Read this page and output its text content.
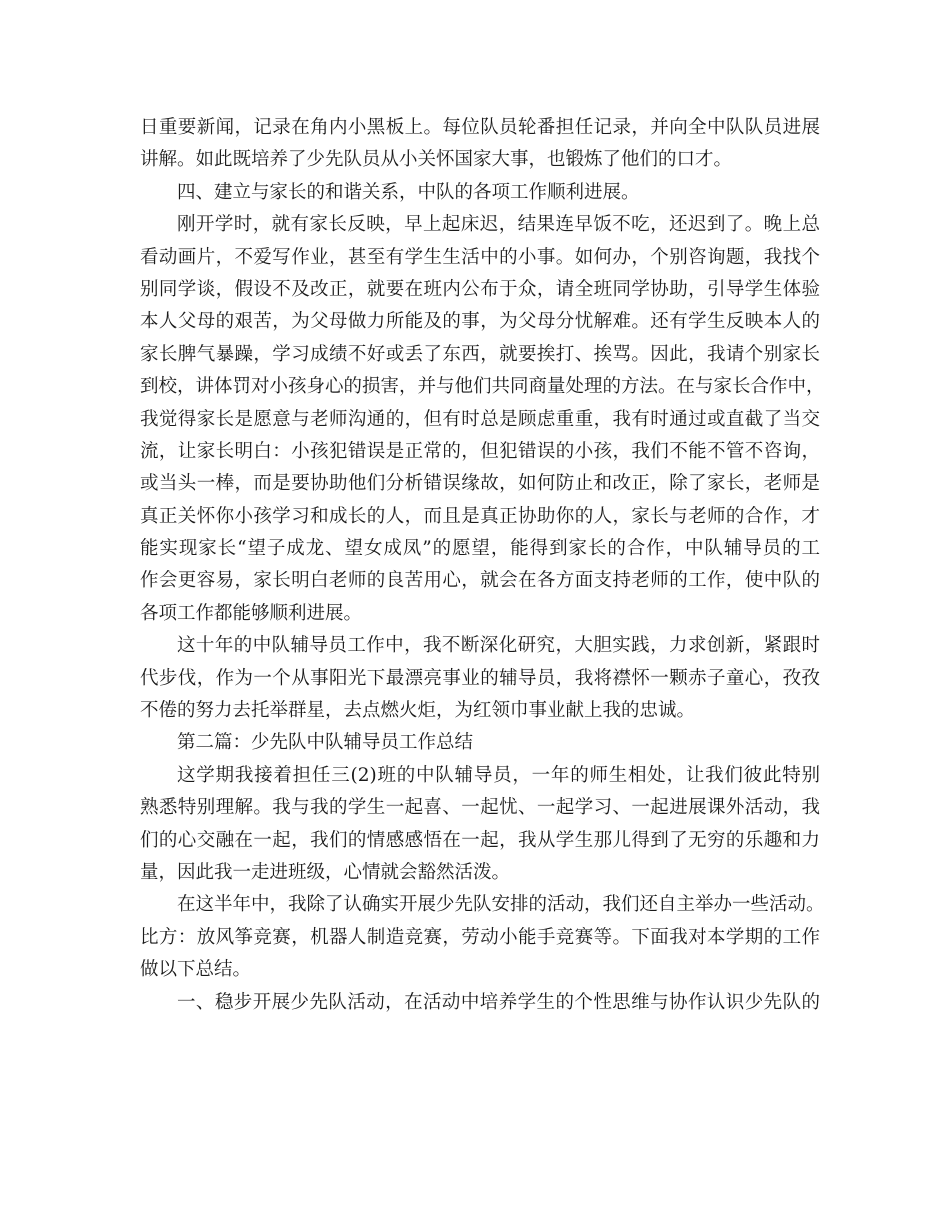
日重要新闻，记录在角内小黑板上。每位队员轮番担任记录，并向全中队队员进展
讲解。如此既培养了少先队员从小关怀国家大事，也锻炼了他们的口才。
四、建立与家长的和谐关系，中队的各项工作顺利进展。
刚开学时，就有家长反映，早上起床迟，结果连早饭不吃，还迟到了。晚上总
看动画片，不爱写作业，甚至有学生生活中的小事。如何办，个别咨询题，我找个
别同学谈，假设不及改正，就要在班内公布于众，请全班同学协助，引导学生体验
本人父母的艰苦，为父母做力所能及的事，为父母分忧解难。还有学生反映本人的
家长脾气暴躁，学习成绩不好或丢了东西，就要挨打、挨骂。因此，我请个别家长
到校，讲体罚对小孩身心的损害，并与他们共同商量处理的方法。在与家长合作中，
我觉得家长是愿意与老师沟通的，但有时总是顾虑重重，我有时通过或直截了当交
流，让家长明白：小孩犯错误是正常的，但犯错误的小孩，我们不能不管不咨询，
或当头一棒，而是要协助他们分析错误缘故，如何防止和改正，除了家长，老师是
真正关怀你小孩学习和成长的人，而且是真正协助你的人，家长与老师的合作，才
能实现家长“望子成龙、望女成凤”的愿望，能得到家长的合作，中队辅导员的工
作会更容易，家长明白老师的良苦用心，就会在各方面支持老师的工作，使中队的
各项工作都能够顺利进展。
这十年的中队辅导员工作中，我不断深化研究，大胆实践，力求创新，紧跟时
代步伐，作为一个从事阳光下最漂亮事业的辅导员，我将襟怀一颗赤子童心，孜孜
不倦的努力去托举群星，去点燃火炬，为红领巾事业献上我的忠诚。
第二篇：少先队中队辅导员工作总结
这学期我接着担任三(2)班的中队辅导员，一年的师生相处，让我们彼此特别
熟悉特别理解。我与我的学生一起喜、一起忧、一起学习、一起进展课外活动，我
们的心交融在一起，我们的情感感悟在一起，我从学生那儿得到了无穷的乐趣和力
量，因此我一走进班级，心情就会豁然活泼。
在这半年中，我除了认确实开展少先队安排的活动，我们还自主举办一些活动。
比方：放风筝竞赛，机器人制造竞赛，劳动小能手竞赛等。下面我对本学期的工作
做以下总结。
一、稳步开展少先队活动，在活动中培养学生的个性思维与协作认识少先队的
